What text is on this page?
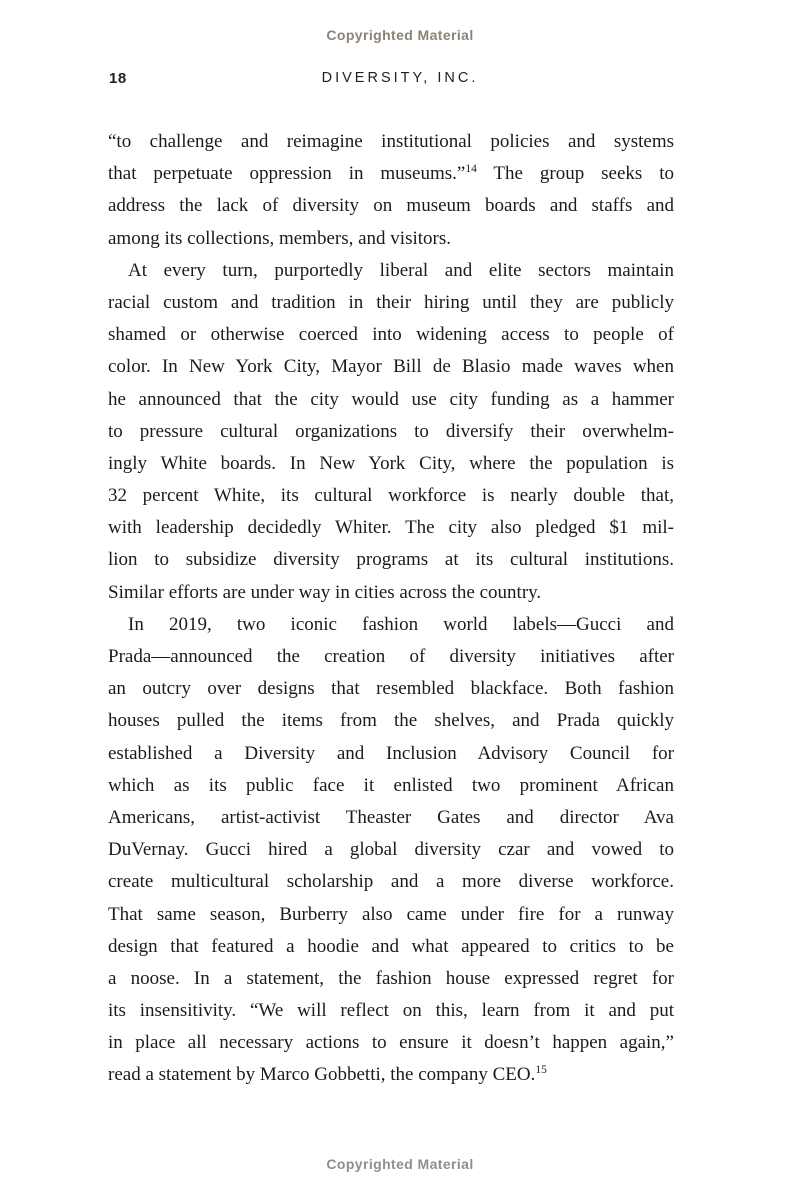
Copyrighted Material
18	DIVERSITY, INC.
“to challenge and reimagine institutional policies and systems
that perpetuate oppression in museums.”$^{14}$ The group seeks to
address the lack of diversity on museum boards and staffs and
among its collections, members, and visitors.
At every turn, purportedly liberal and elite sectors maintain
racial custom and tradition in their hiring until they are publicly
shamed or otherwise coerced into widening access to people of
color. In New York City, Mayor Bill de Blasio made waves when
he announced that the city would use city funding as a hammer
to pressure cultural organizations to diversify their overwhelm-
ingly White boards. In New York City, where the population is
32 percent White, its cultural workforce is nearly double that,
with leadership decidedly Whiter. The city also pledged $1 mil-
lion to subsidize diversity programs at its cultural institutions.
Similar efforts are under way in cities across the country.
In 2019, two iconic fashion world labels—Gucci and
Prada—announced the creation of diversity initiatives after
an outcry over designs that resembled blackface. Both fashion
houses pulled the items from the shelves, and Prada quickly
established a Diversity and Inclusion Advisory Council for
which as its public face it enlisted two prominent African
Americans, artist-activist Theaster Gates and director Ava
DuVernay. Gucci hired a global diversity czar and vowed to
create multicultural scholarship and a more diverse workforce.
That same season, Burberry also came under fire for a runway
design that featured a hoodie and what appeared to critics to be
a noose. In a statement, the fashion house expressed regret for
its insensitivity. “We will reflect on this, learn from it and put
in place all necessary actions to ensure it doesn’t happen again,”
read a statement by Marco Gobbetti, the company CEO.$^{15}$
Copyrighted Material
